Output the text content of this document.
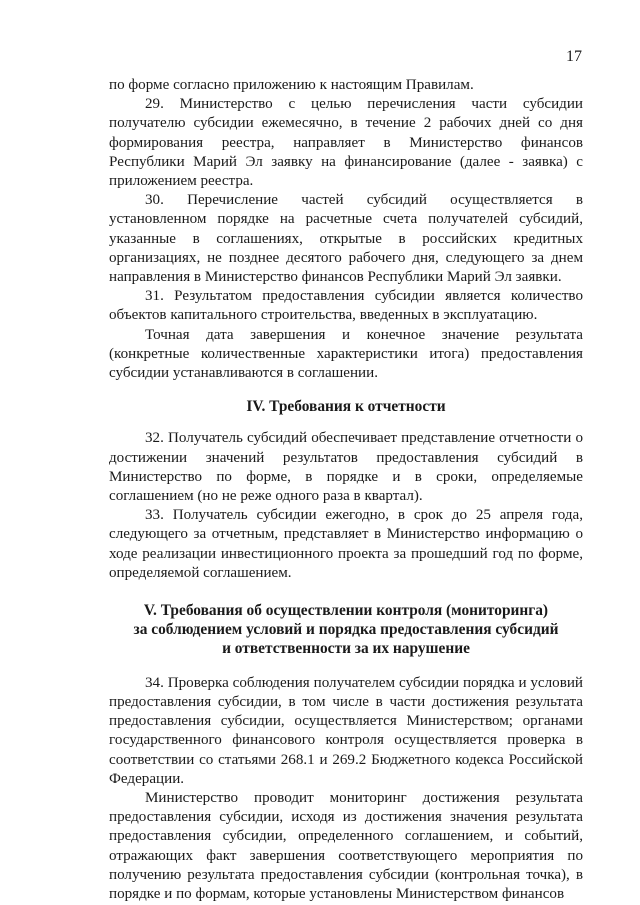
17

по форме согласно приложению к настоящим Правилам.

29. Министерство с целью перечисления части субсидии получателю субсидии ежемесячно, в течение 2 рабочих дней со дня формирования реестра, направляет в Министерство финансов Республики Марий Эл заявку на финансирование (далее - заявка) с приложением реестра.

30. Перечисление частей субсидий осуществляется в установленном порядке на расчетные счета получателей субсидий, указанные в соглашениях, открытые в российских кредитных организациях, не позднее десятого рабочего дня, следующего за днем направления в Министерство финансов Республики Марий Эл заявки.

31. Результатом предоставления субсидии является количество объектов капитального строительства, введенных в эксплуатацию.

Точная дата завершения и конечное значение результата (конкретные количественные характеристики итога) предоставления субсидии устанавливаются в соглашении.

IV. Требования к отчетности

32. Получатель субсидий обеспечивает представление отчетности о достижении значений результатов предоставления субсидий в Министерство по форме, в порядке и в сроки, определяемые соглашением (но не реже одного раза в квартал).

33. Получатель субсидии ежегодно, в срок до 25 апреля года, следующего за отчетным, представляет в Министерство информацию о ходе реализации инвестиционного проекта за прошедший год по форме, определяемой соглашением.

V. Требования об осуществлении контроля (мониторинга)

за соблюдением условий и порядка предоставления субсидий

и ответственности за их нарушение

34. Проверка соблюдения получателем субсидии порядка и условий предоставления субсидии, в том числе в части достижения результата предоставления субсидии, осуществляется Министерством; органами государственного финансового контроля осуществляется проверка в соответствии со статьями 268.1 и 269.2 Бюджетного кодекса Российской Федерации.

Министерство проводит мониторинг достижения результата предоставления субсидии, исходя из достижения значения результата предоставления субсидии, определенного соглашением, и событий, отражающих факт завершения соответствующего мероприятия по получению результата предоставления субсидии (контрольная точка), в порядке и по формам, которые установлены Министерством финансов
